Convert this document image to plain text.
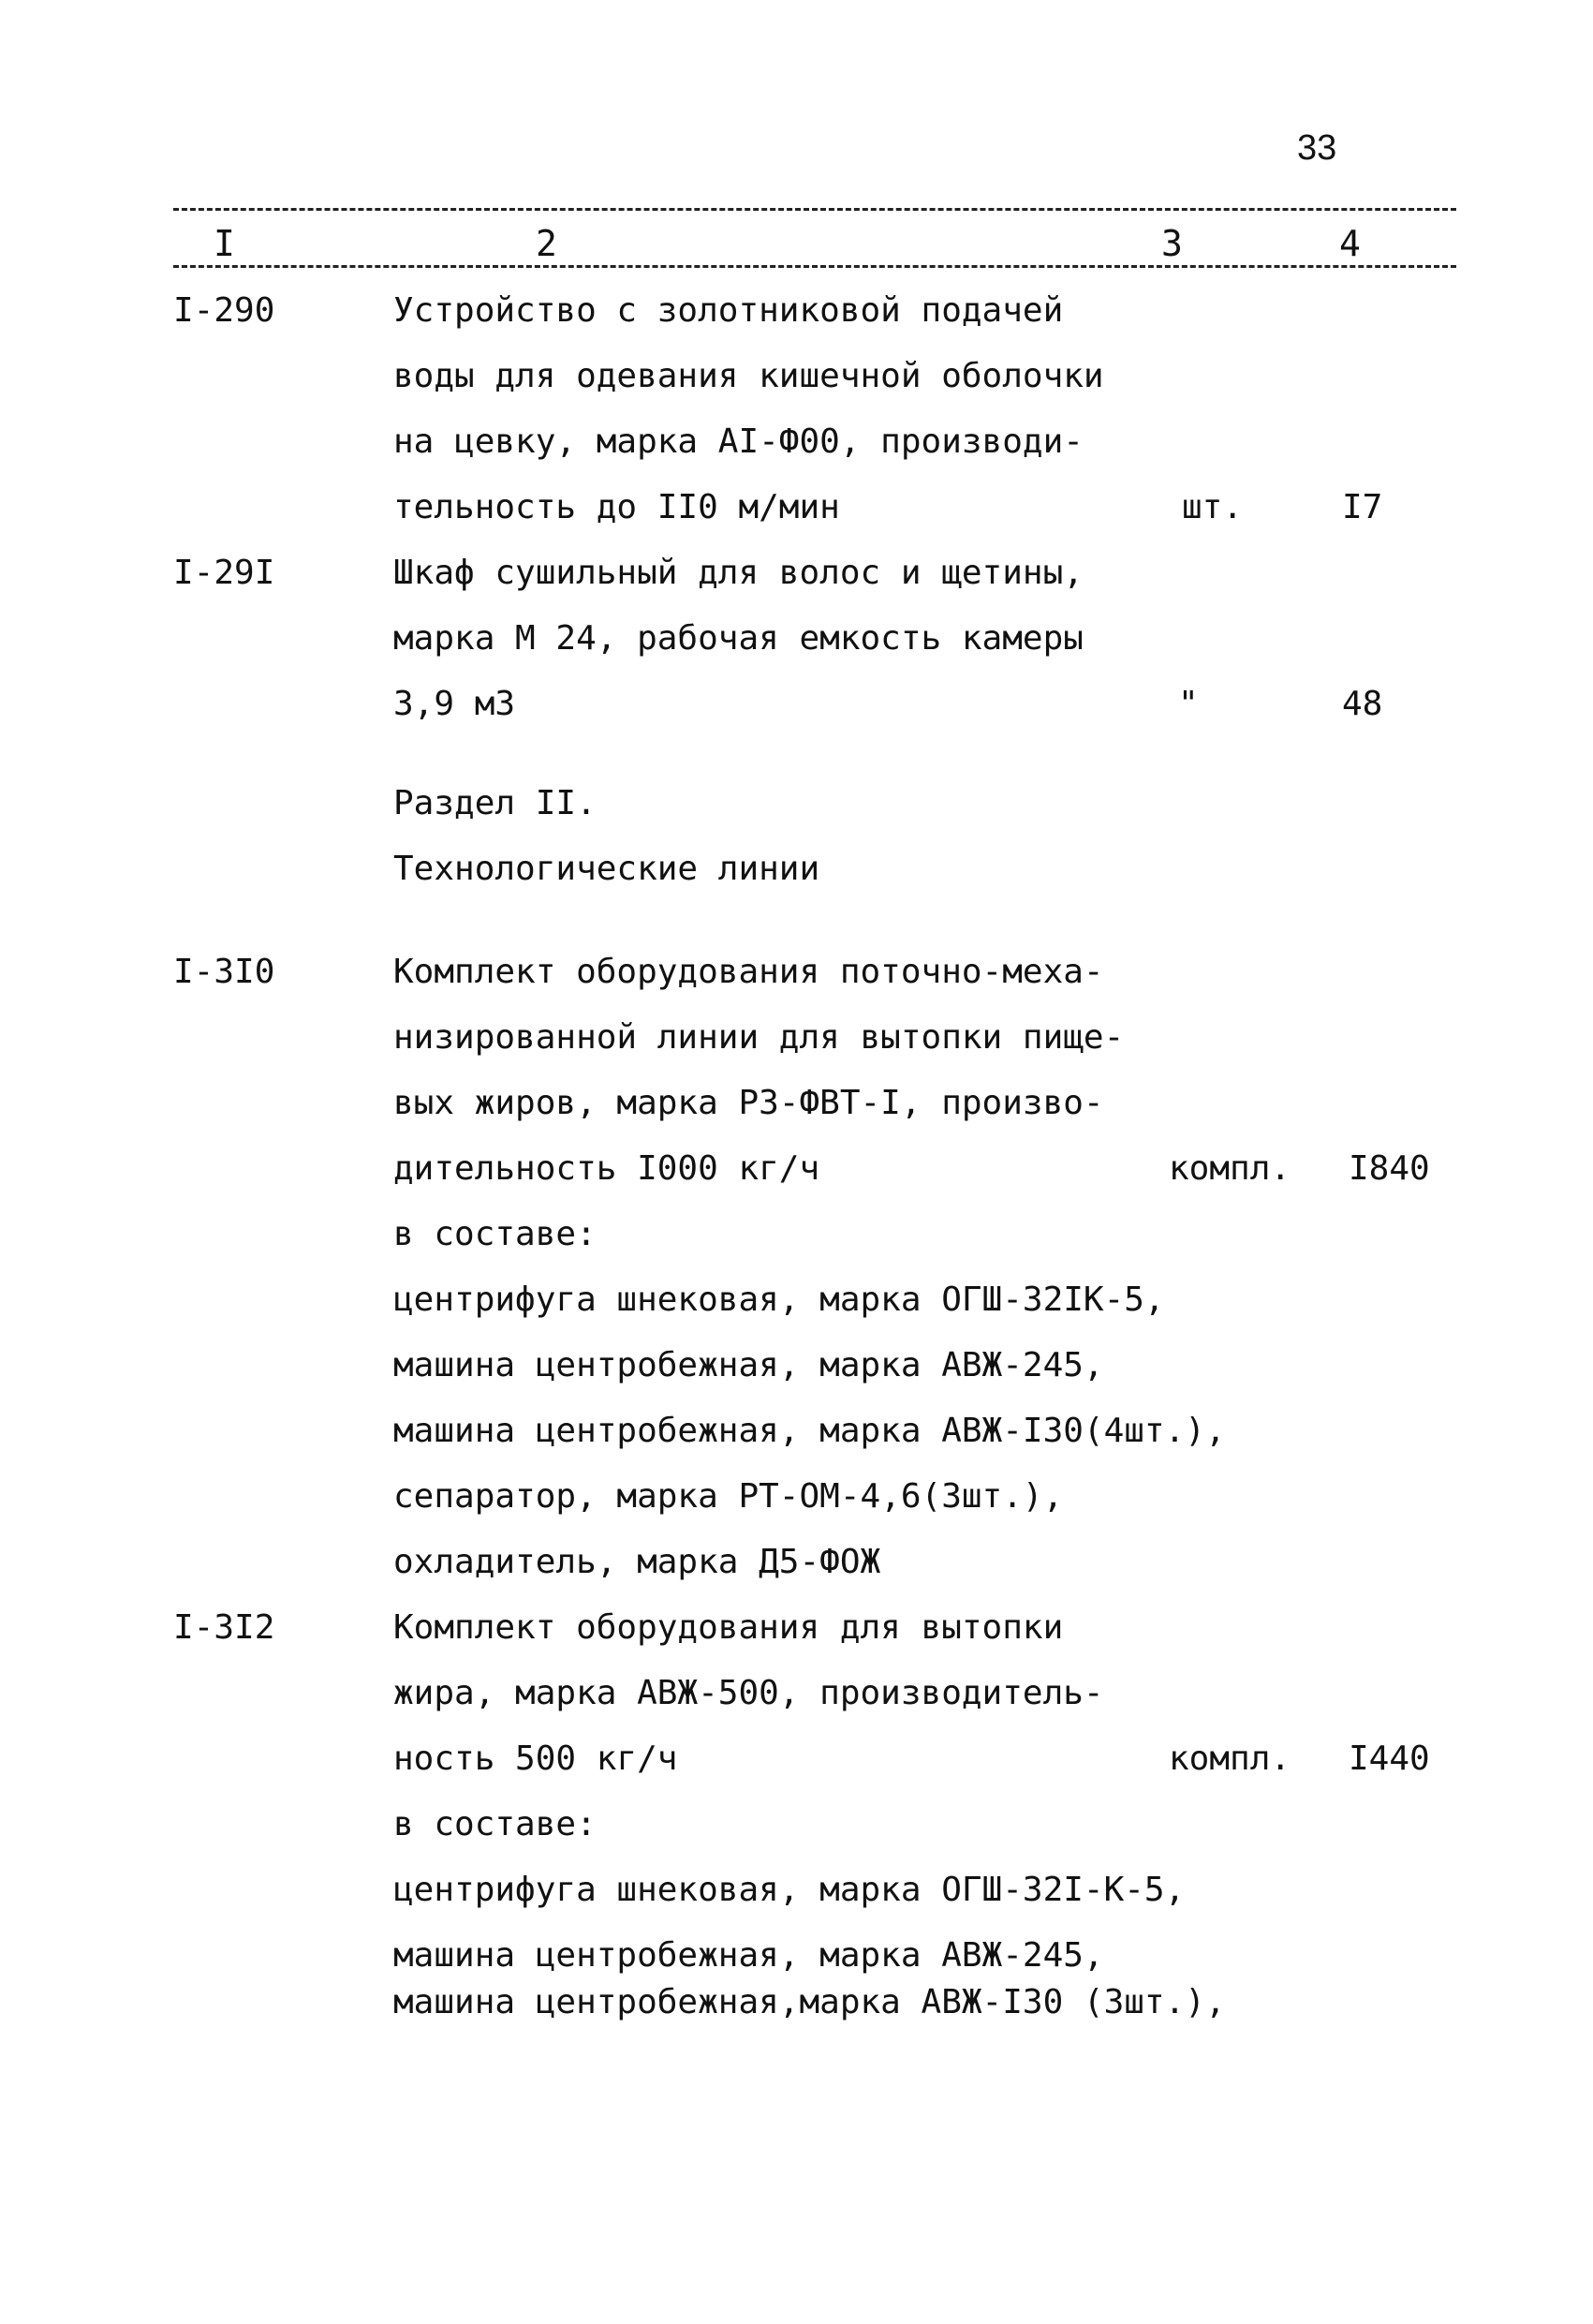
33
I	2	3	4
I-290	Устройство с золотниковой подачей
воды для одевания кишечной оболочки
на цевку, марка АI-Ф00, производи-
тельность до II0 м/мин	шт.	I7
I-29I	Шкаф сушильный для волос и щетины,
марка М 24, рабочая емкость камеры
3,9 м3	"	48
Раздел II.
Технологические линии
I-3I0	Комплект оборудования поточно-меха-
низированной линии для вытопки пище-
вых жиров, марка РЗ-ФВТ-I, произво-
дительность I000 кг/ч	компл. I840
в составе:
центрифуга шнековая, марка ОГШ-32IК-5,
машина центробежная, марка АВЖ-245,
машина центробежная, марка АВЖ-I30(4шт.),
сепаратор, марка РТ-ОМ-4,6(3шт.),
охладитель, марка Д5-ФОЖ
I-3I2	Комплект оборудования для вытопки
жира, марка АВЖ-500, производитель-
ность 500 кг/ч	компл. I440
в составе:
центрифуга шнековая, марка ОГШ-32I-К-5,
машина центробежная, марка АВЖ-245,
машина центробежная,марка АВЖ-I30 (3шт.),
